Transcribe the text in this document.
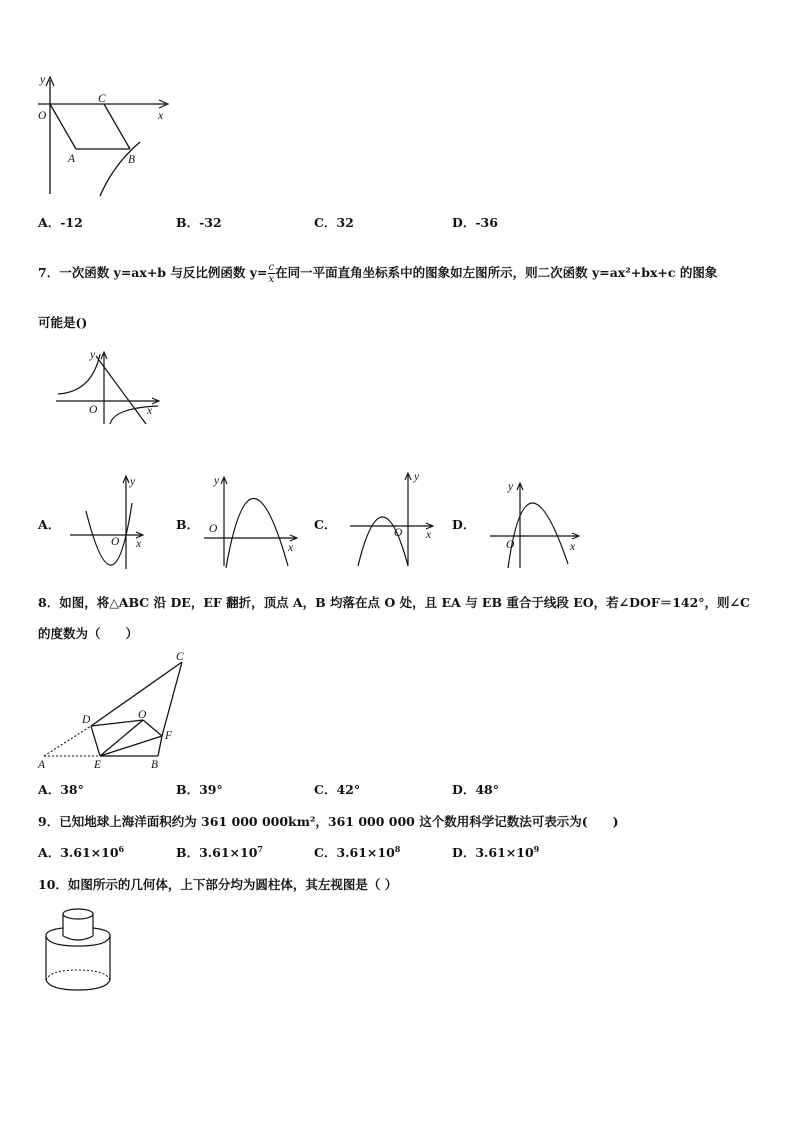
y
O
C
x
A	B
A．-12	B．-32	C．32	D．-36
7．一次函数 y=ax+b 与反比例函数 $y= \frac{c}{x}$ 在同一平面直角坐标系中的图象如左图所示，则二次函数 y=ax²+bx+c 的图象
可能是()
y
O	x
A．
y
O x
B．
y
O
x
C．
y
O x
D．
y
O	x
8．如图，将△ABC 沿 DE，EF 翻折，顶点 A，B 均落在点 O 处，且 EA 与 EB 重合于线段 EO，若∠DOF＝142°，则∠C
的度数为（　　）
C
D	O
F
A	E	B
A．38°	B．39°	C．42°	D．48°
9．已知地球上海洋面积约为 361 000 000km²，361 000 000 这个数用科学记数法可表示为(　　)
A．$3.61\times 10^6$	B．$3.61\times 10^7$	C．$3.61\times 10^8$	D．$3.61\times 10^9$
10．如图所示的几何体，上下部分均为圆柱体，其左视图是（ ）
